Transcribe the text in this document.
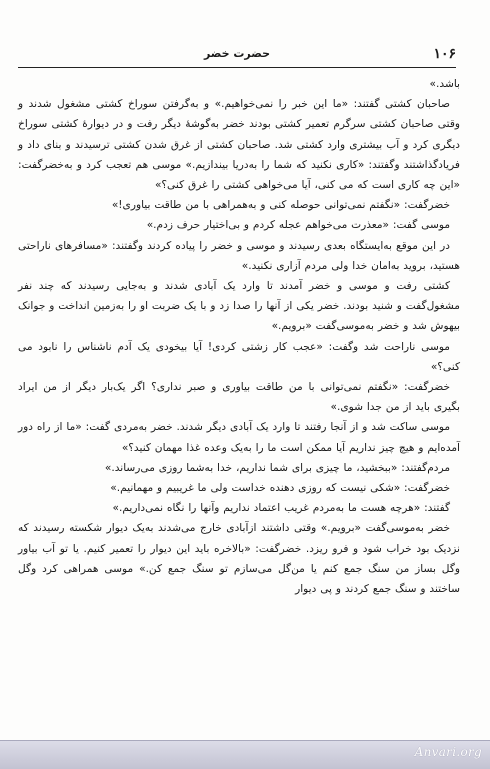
۱۰۶
حضرت خضر

باشد.»

صاحبان کشتی گفتند: «ما این خبر را نمی‌خواهیم.» و به‌گرفتن سوراخ کشتی مشغول شدند و وقتی صاحبان کشتی سرگرم تعمیر کشتی بودند خضر به‌گوشهٔ دیگر رفت و در دیوارهٔ کشتی سوراخ دیگری کرد و آب بیشتری وارد کشتی شد. صاحبان کشتی از غرق شدن کشتی ترسیدند و بنای داد و فریادگذاشتند وگفتند: «کاری نکنید که شما را به‌دریا بیندازیم.» موسی هم تعجب کرد و به‌خضرگفت: «این چه کاری است که می کنی، آیا می‌خواهی کشتی را غرق کنی؟»

خضرگفت: «نگفتم نمی‌توانی حوصله کنی و به‌همراهی با من طاقت بیاوری!»

موسی گفت: «معذرت می‌خواهم عجله کردم و بی‌اختیار حرف زدم.»

در این موقع به‌ایستگاه بعدی رسیدند و موسی و خضر را پیاده کردند وگفتند: «مسافرهای ناراحتی هستید، بروید به‌امان خدا ولی مردم آزاری نکنید.»

کشتی رفت و موسی و خضر آمدند تا وارد یک آبادی شدند و به‌جایی رسیدند که چند نفر مشغول‌گفت و شنید بودند. خضر یکی از آنها را صدا زد و با یک ضربت او را به‌زمین انداخت و جوانک بیهوش شد و خضر به‌موسی‌گفت «برویم.»

موسی ناراحت شد وگفت: «عجب کار زشتی کردی! آیا بیخودی یک آدم ناشناس را نابود می کنی؟»

خضرگفت: «نگفتم نمی‌توانی با من طاقت بیاوری و صبر نداری؟ اگر یک‌بار دیگر از من ایراد بگیری باید از من جدا شوی.»

موسی ساکت شد و از آنجا رفتند تا وارد یک آبادی دیگر شدند. خضر به‌مردی گفت: «ما از راه دور آمده‌ایم و هیچ چیز نداریم آیا ممکن است ما را به‌یک وعده غذا مهمان کنید؟»

مردم‌گفتند: «ببخشید، ما چیزی برای شما نداریم، خدا به‌شما روزی می‌رساند.»

خضرگفت: «شکی نیست که روزی دهنده خداست ولی ما غریبیم و مهمانیم.»

گفتند: «هرچه هست ما به‌مردم غریب اعتماد نداریم وآنها را نگاه نمی‌داریم.»

خضر به‌موسی‌گفت «برویم.» وقتی داشتند ازآبادی خارج می‌شدند به‌یک دیوار شکسته رسیدند که نزدیک بود خراب شود و فرو ریزد. خضرگفت: «بالاخره باید این دیوار را تعمیر کنیم. یا تو آب بیاور وگل بساز من سنگ جمع کنم یا من‌گل می‌سازم تو سنگ جمع کن.» موسی همراهی کرد وگل ساختند و سنگ جمع کردند و پی دیوار

Anvari.org
